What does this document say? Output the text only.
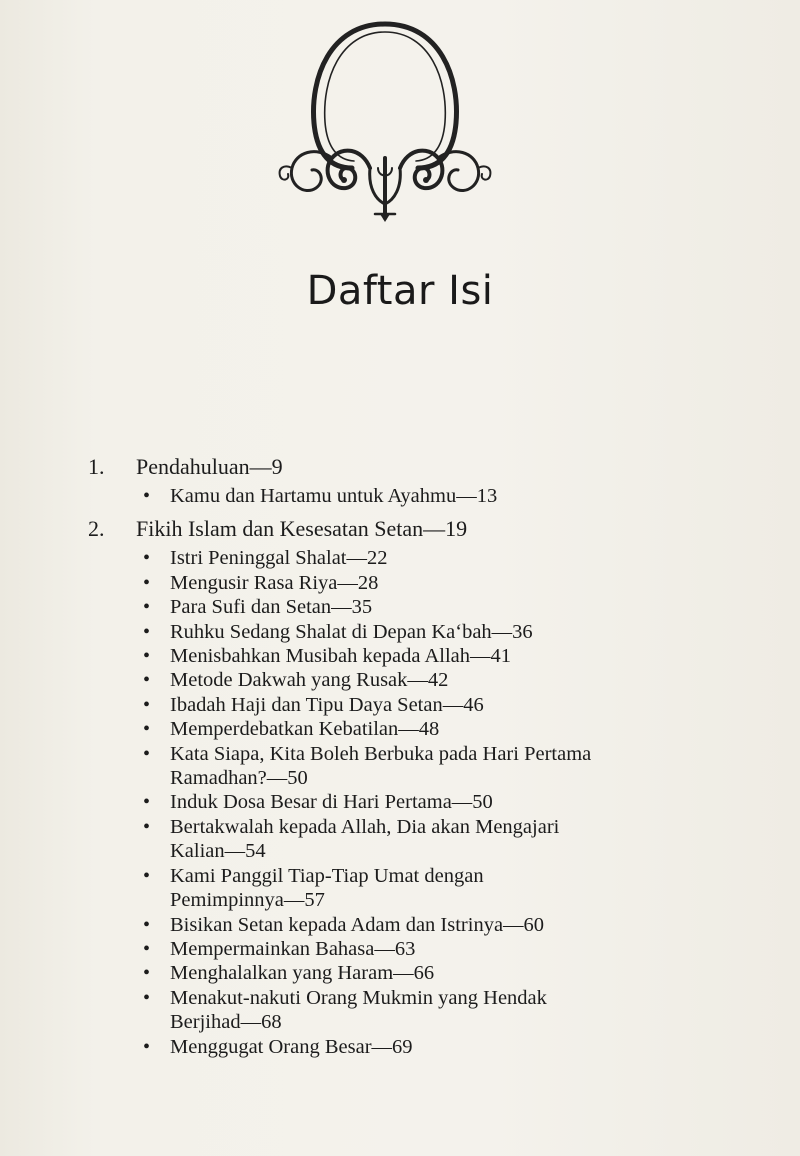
Daftar Isi
1. Pendahuluan—9
• Kamu dan Hartamu untuk Ayahmu—13
2. Fikih Islam dan Kesesatan Setan—19
• Istri Peninggal Shalat—22
• Mengusir Rasa Riya—28
• Para Sufi dan Setan—35
• Ruhku Sedang Shalat di Depan Ka‘bah—36
• Menisbahkan Musibah kepada Allah—41
• Metode Dakwah yang Rusak—42
• Ibadah Haji dan Tipu Daya Setan—46
• Memperdebatkan Kebatilan—48
• Kata Siapa, Kita Boleh Berbuka pada Hari Pertama
Ramadhan?—50
• Induk Dosa Besar di Hari Pertama—50
• Bertakwalah kepada Allah, Dia akan Mengajari
Kalian—54
• Kami Panggil Tiap-Tiap Umat dengan
Pemimpinnya—57
• Bisikan Setan kepada Adam dan Istrinya—60
• Mempermainkan Bahasa—63
• Menghalalkan yang Haram—66
• Menakut-nakuti Orang Mukmin yang Hendak
Berjihad—68
• Menggugat Orang Besar—69
